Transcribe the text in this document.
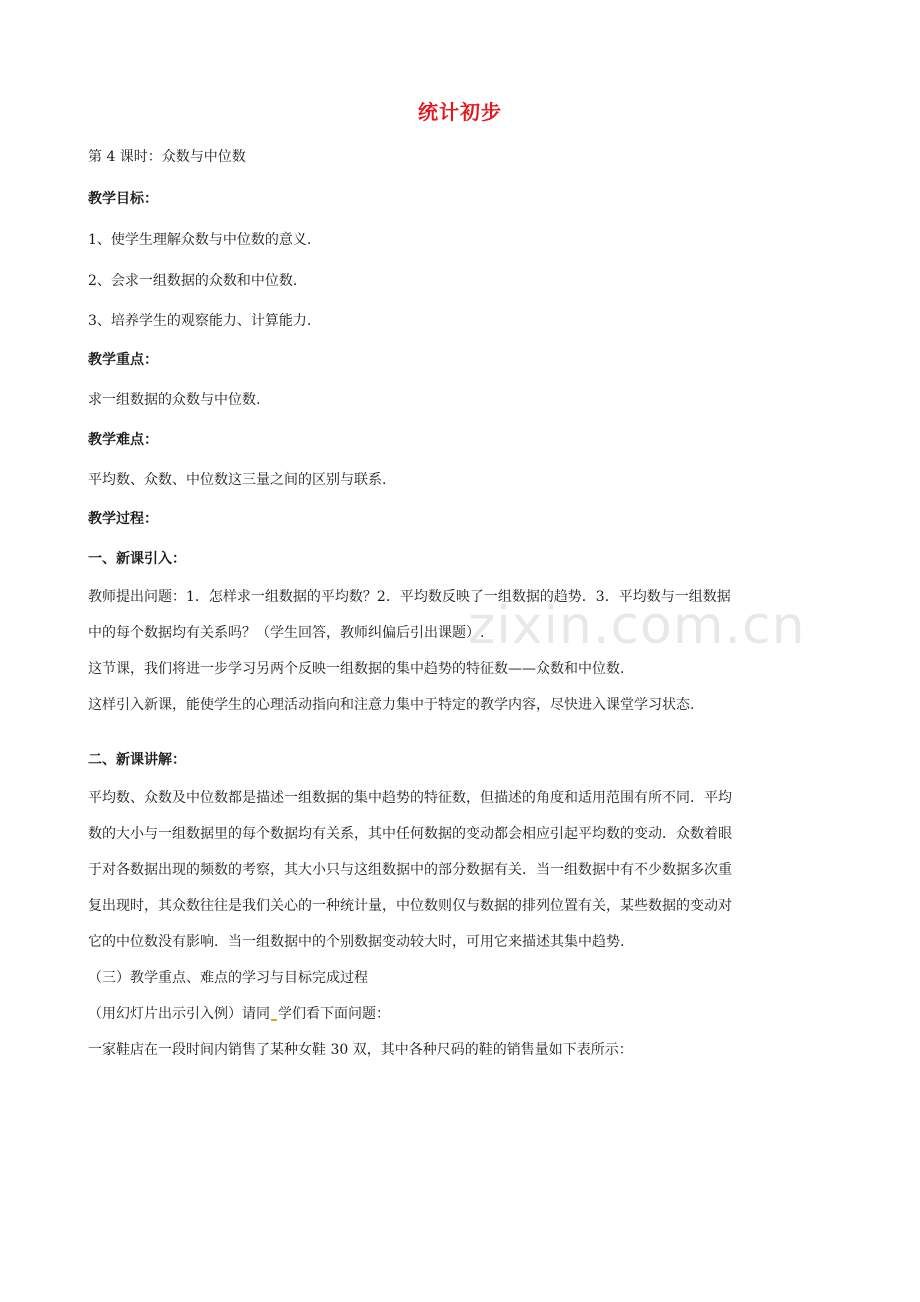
统计初步
第 4 课时：众数与中位数
教学目标：
1、使学生理解众数与中位数的意义.
2、会求一组数据的众数和中位数.
3、培养学生的观察能力、计算能力.
教学重点：
求一组数据的众数与中位数.
教学难点：
平均数、众数、中位数这三量之间的区别与联系.
教学过程：
一、新课引入：
教师提出问题：1．怎样求一组数据的平均数？2．平均数反映了一组数据的趋势．3．平均数与一组数据
中的每个数据均有关系吗？（学生回答，教师纠偏后引出课题）.
这节课，我们将进一步学习另两个反映一组数据的集中趋势的特征数——众数和中位数.
这样引入新课，能使学生的心理活动指向和注意力集中于特定的教学内容，尽快进入课堂学习状态.
二、新课讲解：
平均数、众数及中位数都是描述一组数据的集中趋势的特征数，但描述的角度和适用范围有所不同．平均
数的大小与一组数据里的每个数据均有关系，其中任何数据的变动都会相应引起平均数的变动．众数着眼
于对各数据出现的频数的考察，其大小只与这组数据中的部分数据有关．当一组数据中有不少数据多次重
复出现时，其众数往往是我们关心的一种统计量，中位数则仅与数据的排列位置有关，某些数据的变动对
它的中位数没有影响．当一组数据中的个别数据变动较大时，可用它来描述其集中趋势.
（三）教学重点、难点的学习与目标完成过程
（用幻灯片出示引入例）请同 学们看下面问题：
一家鞋店在一段时间内销售了某种女鞋 30 双，其中各种尺码的鞋的销售量如下表所示：
zixin.com.cn
